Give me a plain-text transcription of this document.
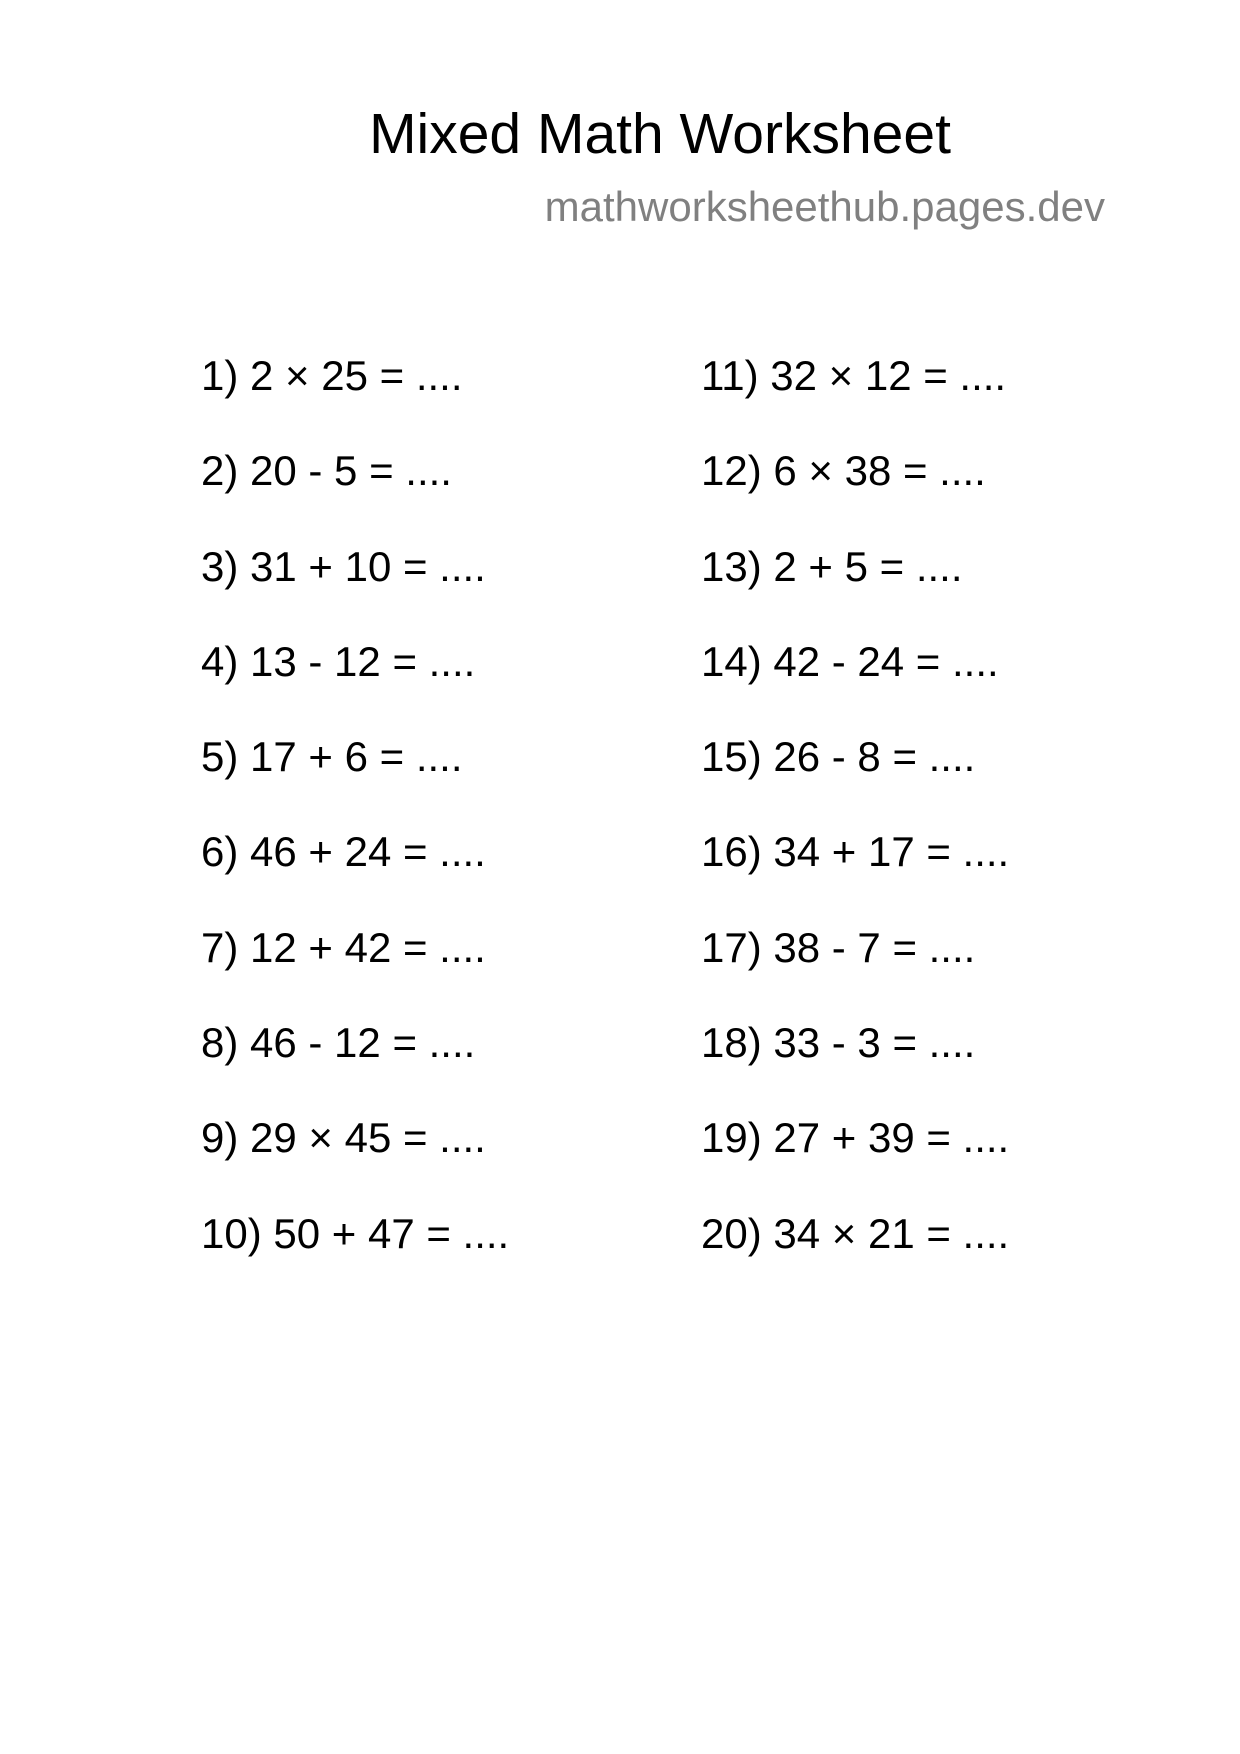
Mixed Math Worksheet
mathworksheethub.pages.dev
1) 2 × 25 = ....
2) 20 - 5 = ....
3) 31 + 10 = ....
4) 13 - 12 = ....
5) 17 + 6 = ....
6) 46 + 24 = ....
7) 12 + 42 = ....
8) 46 - 12 = ....
9) 29 × 45 = ....
10) 50 + 47 = ....
11) 32 × 12 = ....
12) 6 × 38 = ....
13) 2 + 5 = ....
14) 42 - 24 = ....
15) 26 - 8 = ....
16) 34 + 17 = ....
17) 38 - 7 = ....
18) 33 - 3 = ....
19) 27 + 39 = ....
20) 34 × 21 = ....
